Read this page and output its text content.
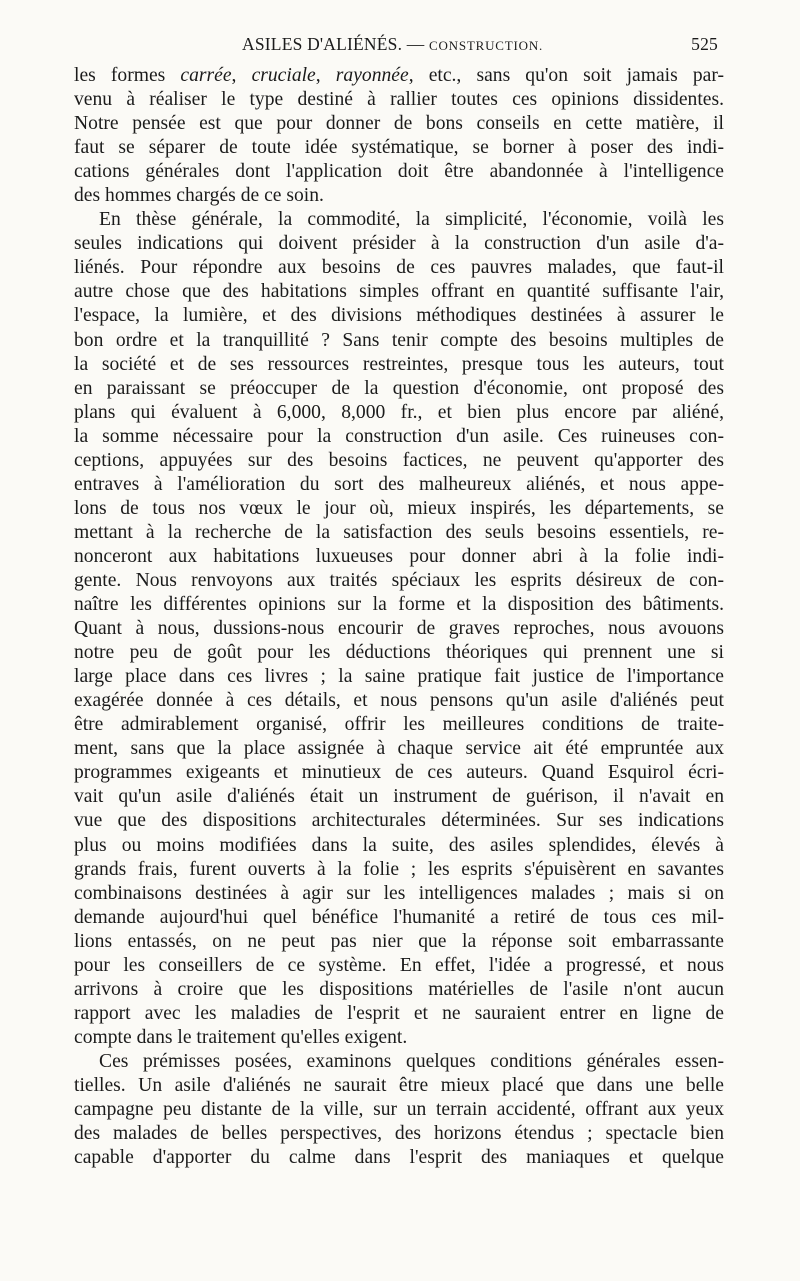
ASILES D'ALIÉNÉS. — CONSTRUCTION.	525
les formes carrée, cruciale, rayonnée, etc., sans qu'on soit jamais par-
venu à réaliser le type destiné à rallier toutes ces opinions dissidentes.
Notre pensée est que pour donner de bons conseils en cette matière, il
faut se séparer de toute idée systématique, se borner à poser des indi-
cations générales dont l'application doit être abandonnée à l'intelligence
des hommes chargés de ce soin.
En thèse générale, la commodité, la simplicité, l'économie, voilà les
seules indications qui doivent présider à la construction d'un asile d'a-
liénés. Pour répondre aux besoins de ces pauvres malades, que faut-il
autre chose que des habitations simples offrant en quantité suffisante l'air,
l'espace, la lumière, et des divisions méthodiques destinées à assurer le
bon ordre et la tranquillité ? Sans tenir compte des besoins multiples de
la société et de ses ressources restreintes, presque tous les auteurs, tout
en paraissant se préoccuper de la question d'économie, ont proposé des
plans qui évaluent à 6,000, 8,000 fr., et bien plus encore par aliéné,
la somme nécessaire pour la construction d'un asile. Ces ruineuses con-
ceptions, appuyées sur des besoins factices, ne peuvent qu'apporter des
entraves à l'amélioration du sort des malheureux aliénés, et nous appe-
lons de tous nos vœux le jour où, mieux inspirés, les départements, se
mettant à la recherche de la satisfaction des seuls besoins essentiels, re-
nonceront aux habitations luxueuses pour donner abri à la folie indi-
gente. Nous renvoyons aux traités spéciaux les esprits désireux de con-
naître les différentes opinions sur la forme et la disposition des bâtiments.
Quant à nous, dussions-nous encourir de graves reproches, nous avouons
notre peu de goût pour les déductions théoriques qui prennent une si
large place dans ces livres ; la saine pratique fait justice de l'importance
exagérée donnée à ces détails, et nous pensons qu'un asile d'aliénés peut
être admirablement organisé, offrir les meilleures conditions de traite-
ment, sans que la place assignée à chaque service ait été empruntée aux
programmes exigeants et minutieux de ces auteurs. Quand Esquirol écri-
vait qu'un asile d'aliénés était un instrument de guérison, il n'avait en
vue que des dispositions architecturales déterminées. Sur ses indications
plus ou moins modifiées dans la suite, des asiles splendides, élevés à
grands frais, furent ouverts à la folie ; les esprits s'épuisèrent en savantes
combinaisons destinées à agir sur les intelligences malades ; mais si on
demande aujourd'hui quel bénéfice l'humanité a retiré de tous ces mil-
lions entassés, on ne peut pas nier que la réponse soit embarrassante
pour les conseillers de ce système. En effet, l'idée a progressé, et nous
arrivons à croire que les dispositions matérielles de l'asile n'ont aucun
rapport avec les maladies de l'esprit et ne sauraient entrer en ligne de
compte dans le traitement qu'elles exigent.
Ces prémisses posées, examinons quelques conditions générales essen-
tielles. Un asile d'aliénés ne saurait être mieux placé que dans une belle
campagne peu distante de la ville, sur un terrain accidenté, offrant aux yeux
des malades de belles perspectives, des horizons étendus ; spectacle bien
capable d'apporter du calme dans l'esprit des maniaques et quelque
